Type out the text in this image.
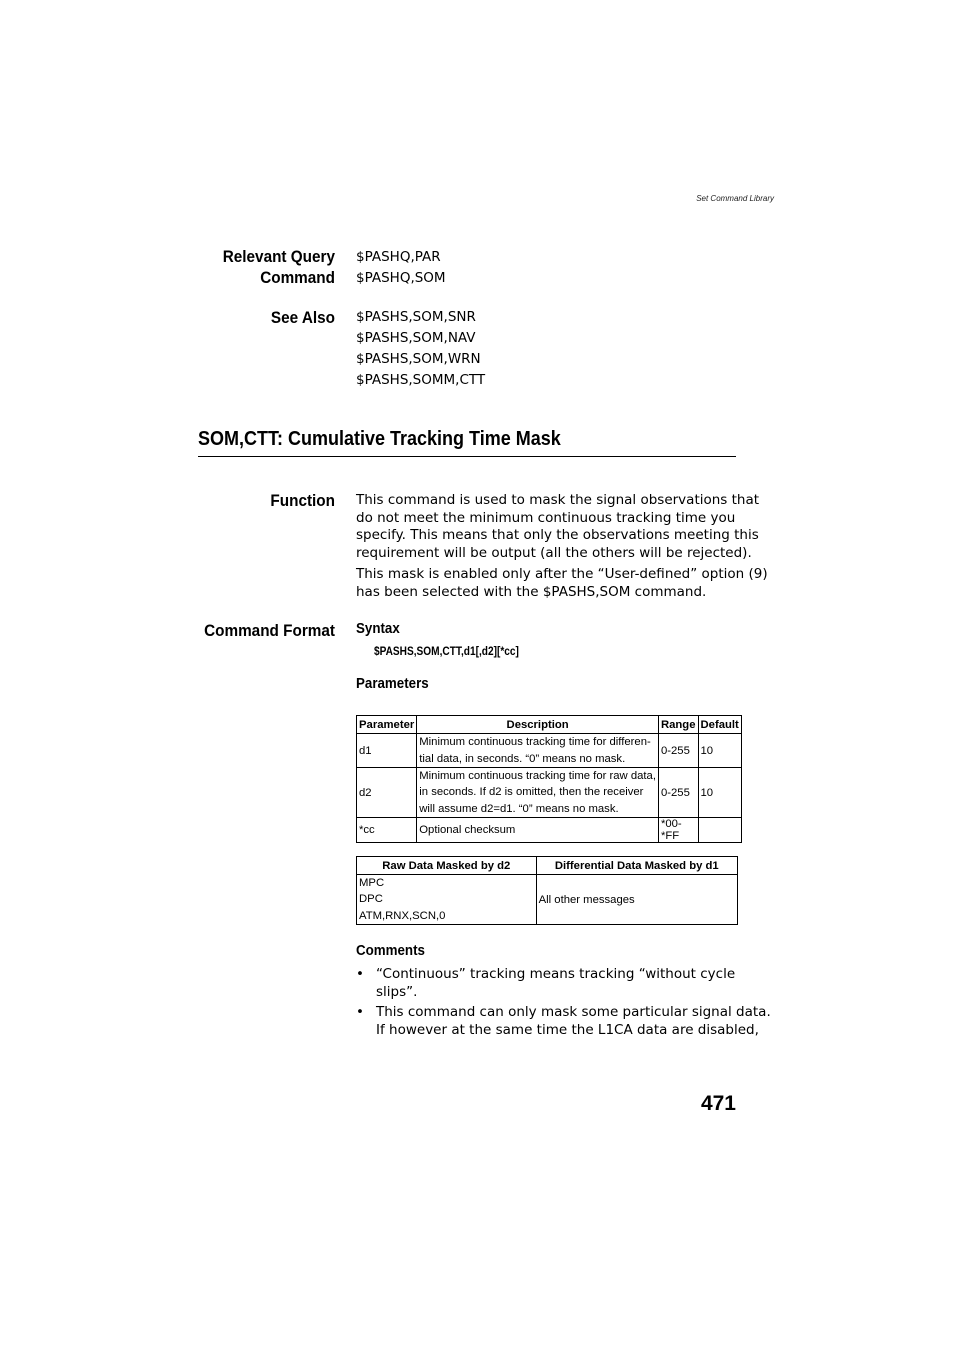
Set Command Library
Relevant Query
Command
$PASHQ,PAR
$PASHQ,SOM
See Also $PASHS,SOM,SNR
$PASHS,SOM,NAV
$PASHS,SOM,WRN
$PASHS,SOMM,CTT
SOM,CTT: Cumulative Tracking Time Mask
Function This command is used to mask the signal observations that
do not meet the minimum continuous tracking time you
specify. This means that only the observations meeting this
requirement will be output (all the others will be rejected).
This mask is enabled only after the “User-defined” option (9)
has been selected with the $PASHS,SOM command.
Command Format Syntax
$PASHS,SOM,CTT,d1[,d2][*cc]
Parameters
Parameter	Description	Range	Default
d1	Minimum continuous tracking time for differen-
tial data, in seconds. “0” means no mask.	0-255	10
d2	Minimum continuous tracking time for raw data,
in seconds. If d2 is omitted, then the receiver
will assume d2=d1. “0” means no mask.	0-255	10
*cc	Optional checksum	*00-*FF	
Raw Data Masked by d2	Differential Data Masked by d1

MPC
DPC
ATM,RNX,SCN,0	All other messages
Comments
• “Continuous” tracking means tracking “without cycle
slips”.
• This command can only mask some particular signal data.
If however at the same time the L1CA data are disabled,
471
